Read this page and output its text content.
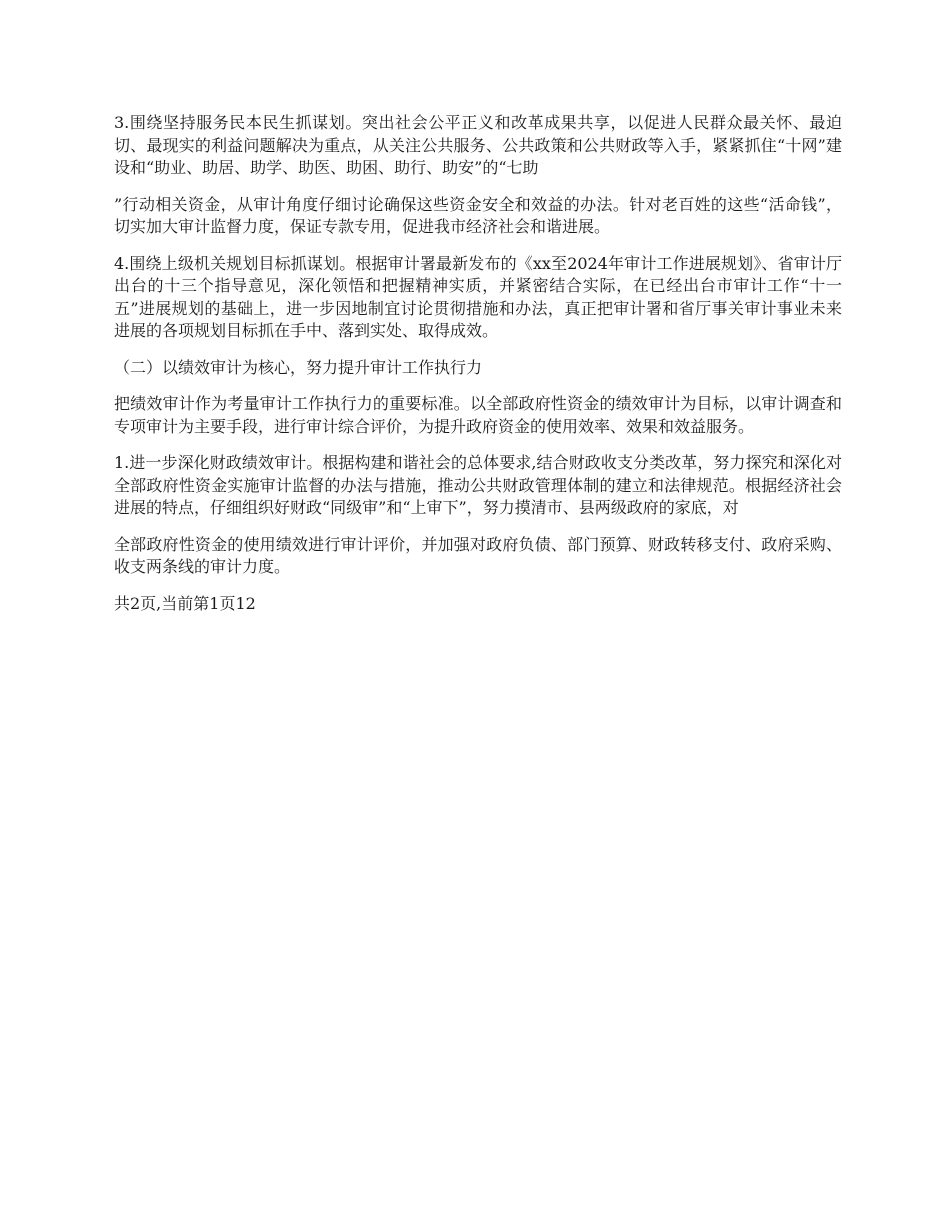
3.围绕坚持服务民本民生抓谋划。突出社会公平正义和改革成果共享，以促进人民群众最关怀、最迫切、最现实的利益问题解决为重点，从关注公共服务、公共政策和公共财政等入手，紧紧抓住“十网”建设和“助业、助居、助学、助医、助困、助行、助安”的“七助

”行动相关资金，从审计角度仔细讨论确保这些资金安全和效益的办法。针对老百姓的这些“活命钱”，切实加大审计监督力度，保证专款专用，促进我市经济社会和谐进展。

4.围绕上级机关规划目标抓谋划。根据审计署最新发布的《xx至2024年审计工作进展规划》、省审计厅出台的十三个指导意见，深化领悟和把握精神实质，并紧密结合实际，在已经出台市审计工作“十一五”进展规划的基础上，进一步因地制宜讨论贯彻措施和办法，真正把审计署和省厅事关审计事业未来进展的各项规划目标抓在手中、落到实处、取得成效。

（二）以绩效审计为核心，努力提升审计工作执行力

把绩效审计作为考量审计工作执行力的重要标准。以全部政府性资金的绩效审计为目标，以审计调查和专项审计为主要手段，进行审计综合评价，为提升政府资金的使用效率、效果和效益服务。

1.进一步深化财政绩效审计。根据构建和谐社会的总体要求,结合财政收支分类改革，努力探究和深化对全部政府性资金实施审计监督的办法与措施，推动公共财政管理体制的建立和法律规范。根据经济社会进展的特点，仔细组织好财政“同级审”和“上审下”，努力摸清市、县两级政府的家底，对

全部政府性资金的使用绩效进行审计评价，并加强对政府负债、部门预算、财政转移支付、政府采购、收支两条线的审计力度。

共2页,当前第1页12
